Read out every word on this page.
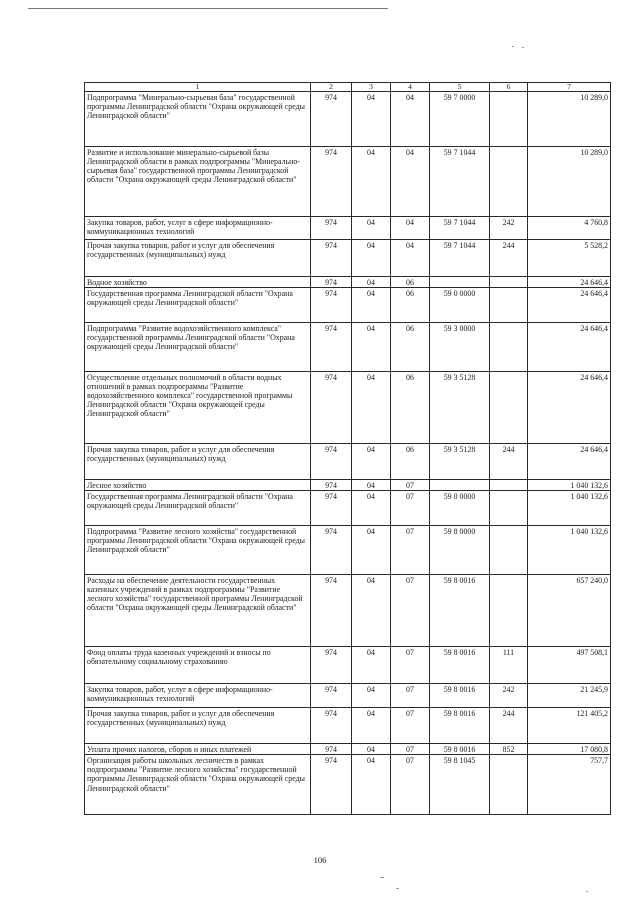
1	2	3	4	5	6	7
Подпрограмма "Минерально-сырьевая база" государственной программы Ленинградской области "Охрана окружающей среды Ленинградской области"	974	04	04	59 7 0000		10 289,0
Развитие и использование минерально-сырьевой базы Ленинградской области в рамках подпрограммы "Минерально-сырьевая база" государственной программы Ленинградской области "Охрана окружающей среды Ленинградской области"	974	04	04	59 7 1044		10 289,0
Закупка товаров, работ, услуг в сфере информационно-коммуникационных технологий	974	04	04	59 7 1044	242	4 760,8
Прочая закупка товаров, работ и услуг для обеспечения государственных (муниципальных) нужд	974	04	04	59 7 1044	244	5 528,2
Водное хозяйство	974	04	06			24 646,4
Государственная программа Ленинградской области "Охрана окружающей среды Ленинградской области"	974	04	06	59 0 0000		24 646,4
Подпрограмма "Развитие водохозяйственного комплекса" государственной программы Ленинградской области "Охрана окружающей среды Ленинградской области"	974	04	06	59 3 0000		24 646,4
Осуществление отдельных полномочий в области водных отношений в рамках подпрограммы "Развитие водохозяйственного комплекса" государственной программы Ленинградской области "Охрана окружающей среды Ленинградской области"	974	04	06	59 3 5128		24 646,4
Прочая закупка товаров, работ и услуг для обеспечения государственных (муниципальных) нужд	974	04	06	59 3 5128	244	24 646,4
Лесное хозяйство	974	04	07			1 040 132,6
Государственная программа Ленинградской области "Охрана окружающей среды Ленинградской области"	974	04	07	59 0 0000		1 040 132,6
Подпрограмма "Развитие лесного хозяйства" государственной программы Ленинградской области "Охрана окружающей среды Ленинградской области"	974	04	07	59 8 0000		1 040 132,6
Расходы на обеспечение деятельности государственных казенных учреждений в рамках подпрограммы "Развитие лесного хозяйства" государственной программы Ленинградской области "Охрана окружающей среды Ленинградской области"	974	04	07	59 8 0016		657 240,0
Фонд оплаты труда казенных учреждений и взносы по обязательному социальному страхованию	974	04	07	59 8 0016	111	497 508,1
Закупка товаров, работ, услуг в сфере информационно-коммуникационных технологий	974	04	07	59 8 0016	242	21 245,9
Прочая закупка товаров, работ и услуг для обеспечения государственных (муниципальных) нужд	974	04	07	59 8 0016	244	121 405,2
Уплата прочих налогов, сборов и иных платежей	974	04	07	59 8 0016	852	17 080,8
Организация работы школьных лесничеств в рамках подпрограммы "Развитие лесного хозяйства" государственной программы Ленинградской области "Охрана окружающей среды Ленинградской области"	974	04	07	59 8 1045		757,7
106
